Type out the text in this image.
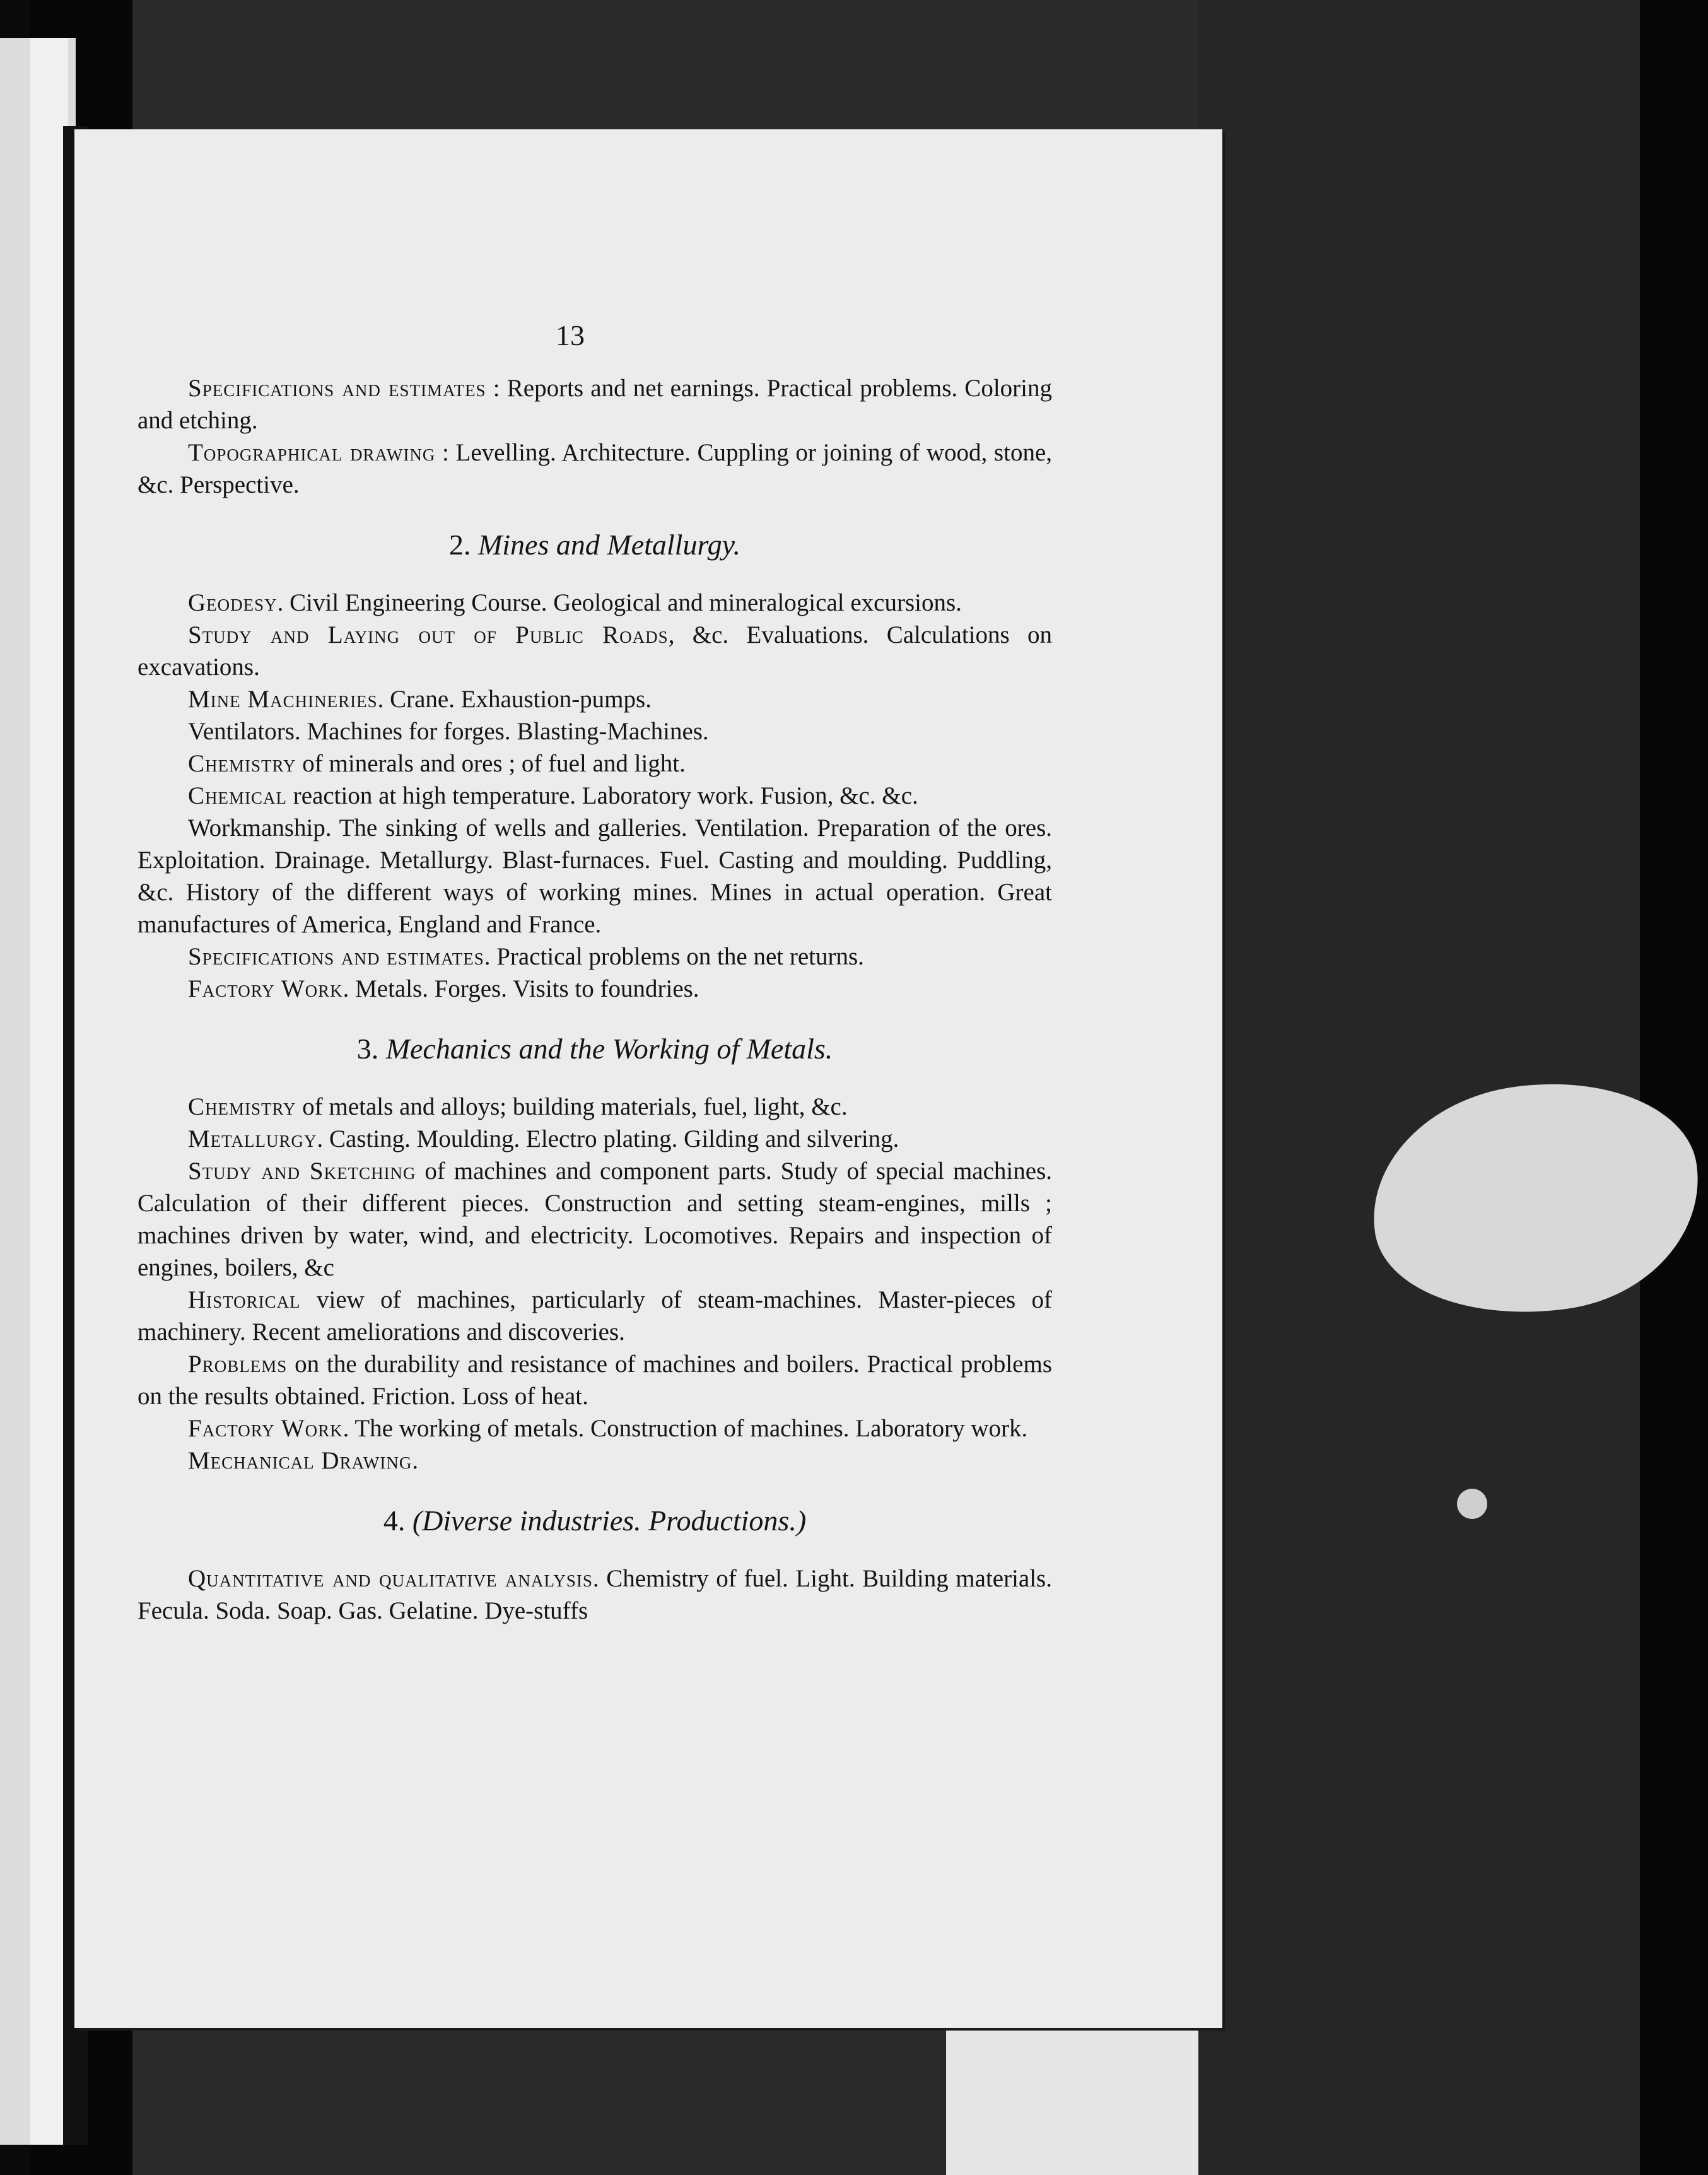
13

Specifications and estimates : Reports and net earnings. Practical problems. Coloring and etching.

Topographical drawing : Levelling. Architecture. Cuppling or joining of wood, stone, &c. Perspective.

2. Mines and Metallurgy.

Geodesy. Civil Engineering Course. Geological and mineralogical excursions.

Study and Laying out of Public Roads, &c. Evaluations. Calculations on excavations.

Mine Machineries. Crane. Exhaustion-pumps.

Ventilators. Machines for forges. Blasting-Machines.

Chemistry of minerals and ores ; of fuel and light.

Chemical reaction at high temperature. Laboratory work. Fusion, &c. &c.

Workmanship. The sinking of wells and galleries. Ventilation. Preparation of the ores. Exploitation. Drainage. Metallurgy. Blast-furnaces. Fuel. Casting and moulding. Puddling, &c. History of the different ways of working mines. Mines in actual operation. Great manufactures of America, England and France.

Specifications and estimates. Practical problems on the net returns.

Factory Work. Metals. Forges. Visits to foundries.

3. Mechanics and the Working of Metals.

Chemistry of metals and alloys; building materials, fuel, light, &c.

Metallurgy. Casting. Moulding. Electro plating. Gilding and silvering.

Study and Sketching of machines and component parts. Study of special machines. Calculation of their different pieces. Construction and setting steam-engines, mills ; machines driven by water, wind, and electricity. Locomotives. Repairs and inspection of engines, boilers, &c

Historical view of machines, particularly of steam-machines. Master-pieces of machinery. Recent ameliorations and discoveries.

Problems on the durability and resistance of machines and boilers. Practical problems on the results obtained. Friction. Loss of heat.

Factory Work. The working of metals. Construction of machines. Laboratory work.

Mechanical Drawing.

4. (Diverse industries. Productions.)

Quantitative and qualitative analysis. Chemistry of fuel. Light. Building materials. Fecula. Soda. Soap. Gas. Gelatine. Dye-stuffs
